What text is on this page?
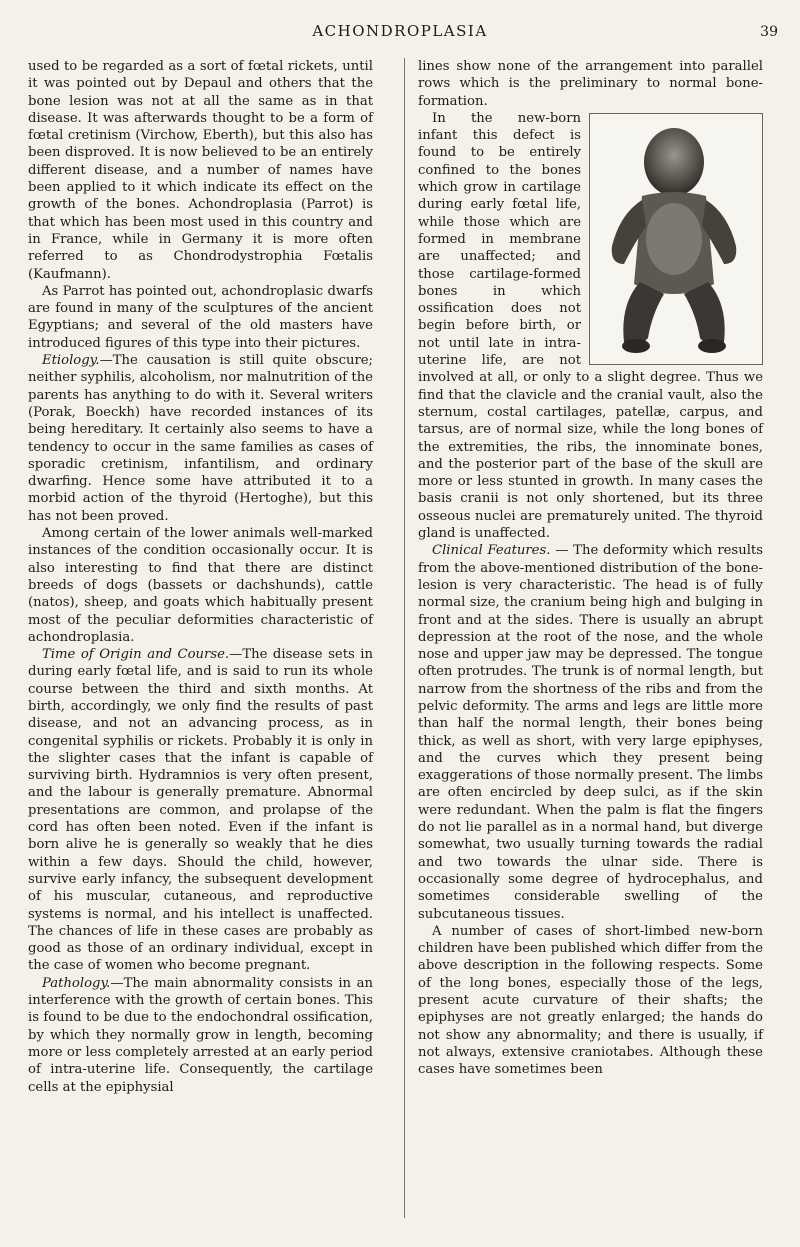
ACHONDROPLASIA	39

used to be regarded as a sort of fœtal rickets, until it was pointed out by Depaul and others that the bone lesion was not at all the same as in that disease. It was afterwards thought to be a form of fœtal cretinism (Virchow, Eberth), but this also has been disproved. It is now believed to be an entirely different disease, and a number of names have been applied to it which indicate its effect on the growth of the bones. Achondroplasia (Parrot) is that which has been most used in this country and in France, while in Germany it is more often referred to as Chondrodystrophia Fœtalis (Kaufmann).

As Parrot has pointed out, achondroplasic dwarfs are found in many of the sculptures of the ancient Egyptians; and several of the old masters have introduced figures of this type into their pictures.

Etiology.—The causation is still quite obscure; neither syphilis, alcoholism, nor malnutrition of the parents has anything to do with it. Several writers (Porak, Boeckh) have recorded instances of its being hereditary. It certainly also seems to have a tendency to occur in the same families as cases of sporadic cretinism, infantilism, and ordinary dwarfing. Hence some have attributed it to a morbid action of the thyroid (Hertoghe), but this has not been proved.

Among certain of the lower animals well-marked instances of the condition occasionally occur. It is also interesting to find that there are distinct breeds of dogs (bassets or dachshunds), cattle (natos), sheep, and goats which habitually present most of the peculiar deformities characteristic of achondroplasia.

Time of Origin and Course.—The disease sets in during early fœtal life, and is said to run its whole course between the third and sixth months. At birth, accordingly, we only find the results of past disease, and not an advancing process, as in congenital syphilis or rickets. Probably it is only in the slighter cases that the infant is capable of surviving birth. Hydramnios is very often present, and the labour is generally premature. Abnormal presentations are common, and prolapse of the cord has often been noted. Even if the infant is born alive he is generally so weakly that he dies within a few days. Should the child, however, survive early infancy, the subsequent development of his muscular, cutaneous, and reproductive systems is normal, and his intellect is unaffected. The chances of life in these cases are probably as good as those of an ordinary individual, except in the case of women who become pregnant.

Pathology.—The main abnormality consists in an interference with the growth of certain bones. This is found to be due to the endochondral ossification, by which they normally grow in length, becoming more or less completely arrested at an early period of intra-uterine life. Consequently, the cartilage cells at the epiphysial

lines show none of the arrangement into parallel rows which is the preliminary to normal bone-formation.

In the new-born infant this defect is found to be entirely confined to the bones which grow in cartilage during early fœtal life, while those which are formed in membrane are unaffected; and those cartilage-formed bones in which ossification does not begin before birth, or not until late in intra-uterine life, are not involved at all, or only to a slight degree. Thus we find that the clavicle and the cranial vault, also the sternum, costal cartilages, patellæ, carpus, and tarsus, are of normal size, while the long bones of the extremities, the ribs, the innominate bones, and the posterior part of the base of the skull are more or less stunted in growth. In many cases the basis cranii is not only shortened, but its three osseous nuclei are prematurely united. The thyroid gland is unaffected.

Clinical Features. — The deformity which results from the above-mentioned distribution of the bone-lesion is very characteristic. The head is of fully normal size, the cranium being high and bulging in front and at the sides. There is usually an abrupt depression at the root of the nose, and the whole nose and upper jaw may be depressed. The tongue often protrudes. The trunk is of normal length, but narrow from the shortness of the ribs and from the pelvic deformity. The arms and legs are little more than half the normal length, their bones being thick, as well as short, with very large epiphyses, and the curves which they present being exaggerations of those normally present. The limbs are often encircled by deep sulci, as if the skin were redundant. When the palm is flat the fingers do not lie parallel as in a normal hand, but diverge somewhat, two usually turning towards the radial and two towards the ulnar side. There is occasionally some degree of hydrocephalus, and sometimes considerable swelling of the subcutaneous tissues.

A number of cases of short-limbed new-born children have been published which differ from the above description in the following respects. Some of the long bones, especially those of the legs, present acute curvature of their shafts; the epiphyses are not greatly enlarged; the hands do not show any abnormality; and there is usually, if not always, extensive craniotabes. Although these cases have sometimes been
